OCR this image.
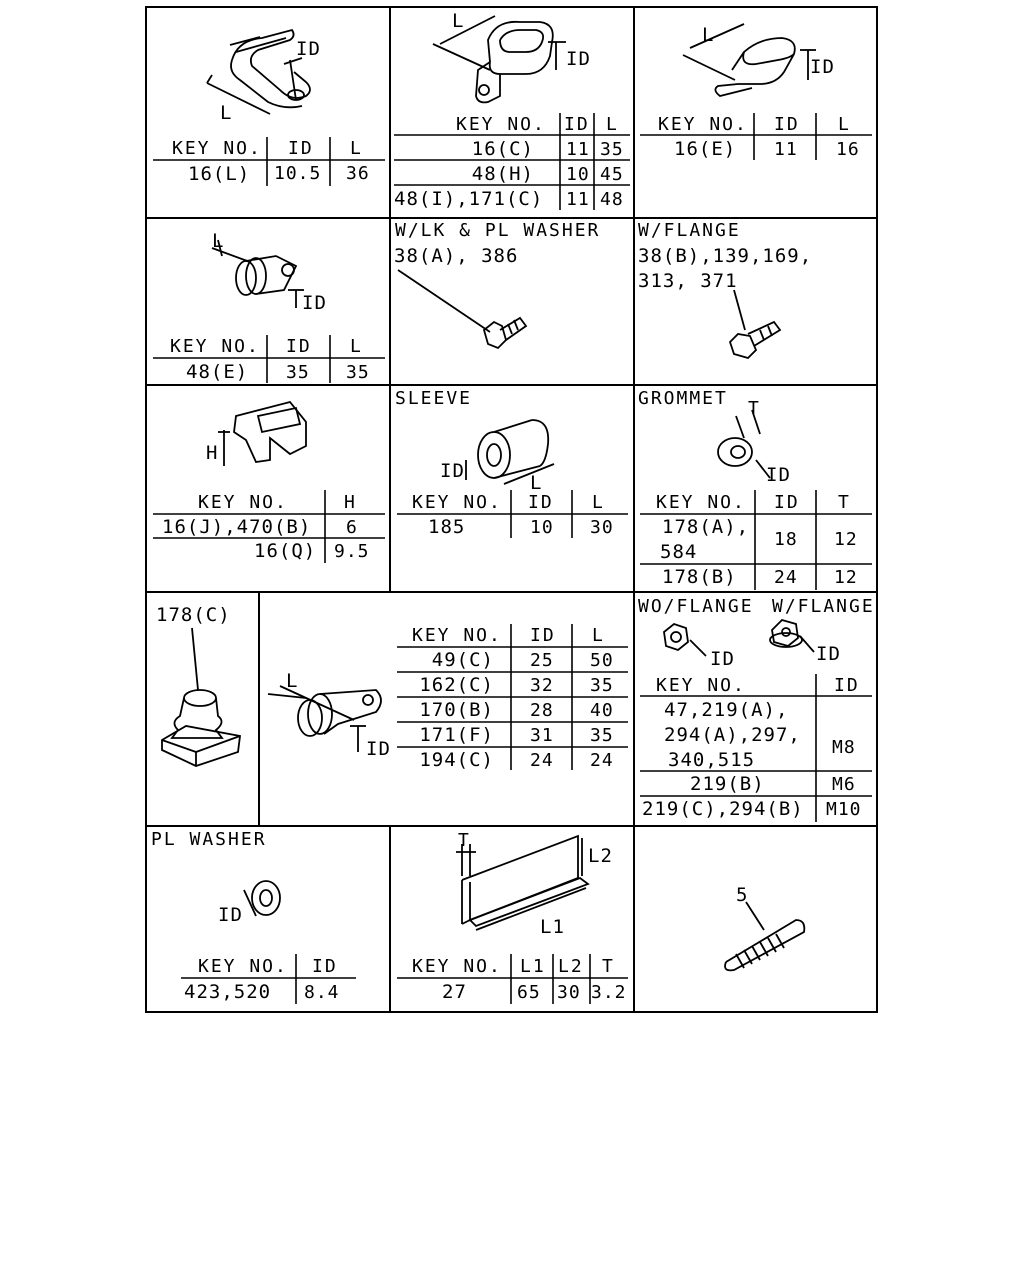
ID
L
KEY NO. ID L
16(L) 10.5 36
L
ID
KEY NO. ID L
16(C) 11 35
48(H) 10 45
48(I),171(C) 11 48
L
ID
KEY NO. ID L
16(E) 11 16
L
ID
KEY NO. ID L
48(E) 35 35
W/LK & PL WASHER
38(A), 386
W/FLANGE
38(B),139,169,
313, 371
H
KEY NO.	H
16(J),470(B) 6
16(Q) 9.5
SLEEVE
ID
L
KEY NO. ID L
185	10 30
GROMMET T
ID
KEY NO. ID T
178(A),
584
18 12
178(B) 24 12
178(C)
L
ID
KEY NO. ID L
49(C) 25 50
162(C) 32 35
170(B) 28 40
171(F) 31 35
194(C) 24 24
WO/FLANGE W/FLANGE
ID	ID
KEY NO.	ID
47,219(A),
294(A),297,
340,515
M8
219(B)	M6
219(C),294(B) M10
PL WASHER
ID
KEY NO. ID
423,520 8.4
T
L2
L1
KEY NO. L1 L2 T
27	65 30 3.2
5
